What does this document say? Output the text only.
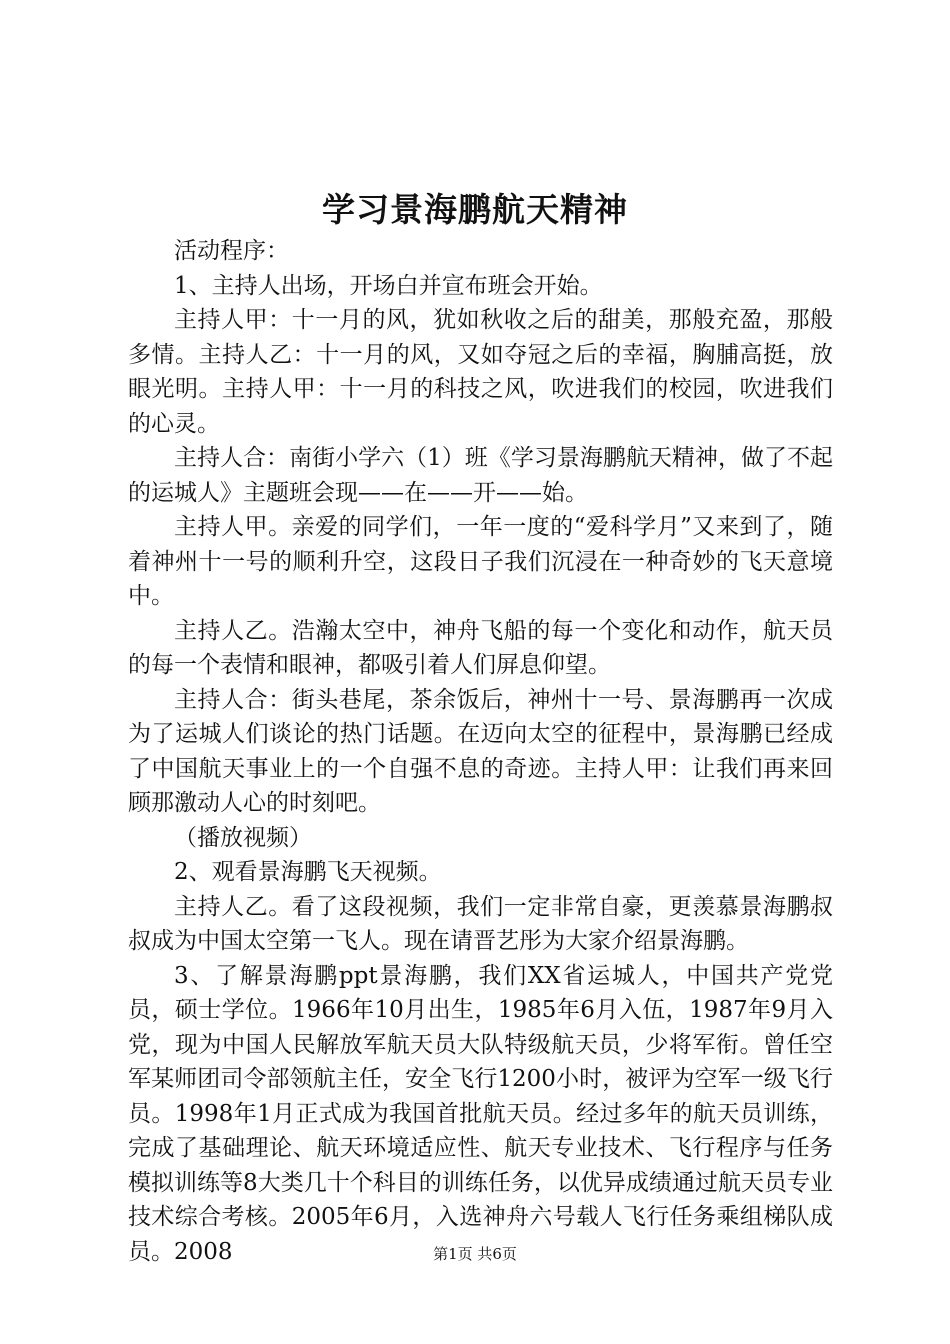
学习景海鹏航天精神

活动程序：

1、主持人出场，开场白并宣布班会开始。

主持人甲：十一月的风，犹如秋收之后的甜美，那般充盈，那般多情。主持人乙：十一月的风，又如夺冠之后的幸福，胸脯高挺，放眼光明。主持人甲：十一月的科技之风，吹进我们的校园，吹进我们的心灵。

主持人合：南街小学六（1）班《学习景海鹏航天精神，做了不起的运城人》主题班会现——在——开——始。

主持人甲。亲爱的同学们，一年一度的“爱科学月”又来到了，随着神州十一号的顺利升空，这段日子我们沉浸在一种奇妙的飞天意境中。

主持人乙。浩瀚太空中，神舟飞船的每一个变化和动作，航天员的每一个表情和眼神，都吸引着人们屏息仰望。

主持人合：街头巷尾，茶余饭后，神州十一号、景海鹏再一次成为了运城人们谈论的热门话题。在迈向太空的征程中，景海鹏已经成了中国航天事业上的一个自强不息的奇迹。主持人甲：让我们再来回顾那激动人心的时刻吧。

（播放视频）

2、观看景海鹏飞天视频。

主持人乙。看了这段视频，我们一定非常自豪，更羡慕景海鹏叔叔成为中国太空第一飞人。现在请晋艺彤为大家介绍景海鹏。

3、了解景海鹏ppt景海鹏，我们XX省运城人，中国共产党党员，硕士学位。1966年10月出生，1985年6月入伍，1987年9月入党，现为中国人民解放军航天员大队特级航天员，少将军衔。曾任空军某师团司令部领航主任，安全飞行1200小时，被评为空军一级飞行员。1998年1月正式成为我国首批航天员。经过多年的航天员训练，完成了基础理论、航天环境适应性、航天专业技术、飞行程序与任务模拟训练等8大类几十个科目的训练任务，以优异成绩通过航天员专业技术综合考核。2005年6月，入选神舟六号载人飞行任务乘组梯队成员。2008	第1页 共6页
